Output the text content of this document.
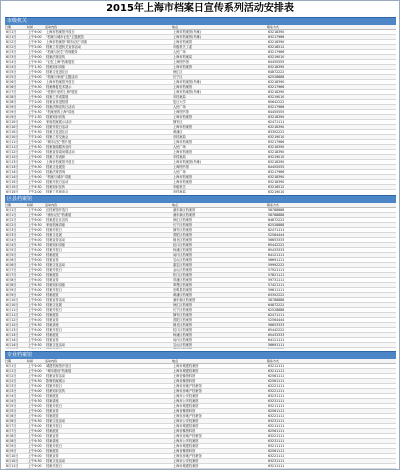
2015年上海市档案日宣传系列活动安排表
市级机关
日期	时间	活动内容	地点	联系方式
6月1日	上午9:00	上海市档案馆开放日	上海市档案馆(外滩)	63218390
6月1日	上午9:00	"档案与城市记忆"主题展览	上海市档案馆(外滩)	63217966
6月2日	上午9:30	上海市档案馆"城市记忆"讲座	上海市档案馆	63218390
6月2日	下午2:00	档案工作进机关宣传活动	市级机关工委	63218512
6月3日	上午9:00	"档案与民生"咨询服务	人民广场	63217966
6月3日	上午9:00	档案法规宣传	上海市档案局	63219010
6月4日	上午9:30	"记忆上海"档案展览	上海图书馆	64455555
6月4日	下午1:30	档案知识讲座	上海市档案馆	63218390
6月5日	上午9:00	档案文化进社区	徐汇区	64872222
6月5日	上午9:00	"档案与家庭"主题活动	长宁区	62528888
6月6日	上午9:00	上海市档案馆开放日	上海市档案馆(外滩)	63218390
6月6日	上午9:30	档案修复技术展示	上海市档案馆	63217966
6月7日	上午9:00	"老照片里的上海"展览	上海市档案馆(外滩)	63218390
6月8日	上午9:00	档案工作成果展	市档案局	63219010
6月8日	下午2:00	档案宣传进校园	复旦大学	65642222
6月9日	上午9:00	档案法制宣传日活动	人民广场	63217966
6月9日	上午9:30	"档案里的上海"讲座	上海图书馆	64455555
6月9日	下午1:30	档案知识竞赛	上海市档案馆	63218390
6月10日	上午9:00	家庭档案展示活动	静安区	62471111
6月10日	上午9:00	档案开放日活动	上海市档案馆	63218390
6月10日	上午9:30	档案文化进社区	黄浦区	63302222
6月10日	下午2:00	档案工作交流会	市档案局	63219010
6月11日	上午9:00	"城市记忆"图片展	上海市档案馆	63217966
6月11日	上午9:30	档案查阅服务宣传	人民广场	63218390
6月12日	上午9:00	档案宣传周闭幕活动	上海市档案馆	63218390
6月12日	上午9:00	档案工作表彰	市档案局	63219010
6月13日	上午9:00	上海市档案馆开放日	上海市档案馆(外滩)	63218390
6月13日	上午9:30	档案文化展览	上海图书馆	64455555
6月14日	上午9:00	档案法规咨询	人民广场	63217966
6月14日	上午9:00	"档案与城市"讲座	上海市档案馆	63218390
6月15日	上午9:00	档案开放日活动	上海市档案馆	63218390
6月15日	上午9:30	档案知识宣传	市级机关	63218512
6月15日	下午2:00	档案工作座谈会	市档案局	63219010

区县档案馆
日期	时间	活动内容	地点	联系方式
6月1日	上午9:00	区档案馆开放日	浦东新区档案馆	58788888
6月1日	上午9:00	"浦东记忆"档案展	浦东新区档案馆	58788888
6月2日	上午9:00	档案进社区宣传	徐汇区档案馆	64872222
6月2日	上午9:30	家庭档案讲座	长宁区档案馆	62528888
6月3日	上午9:00	档案开放日	静安区档案馆	62471111
6月3日	上午9:00	档案文化展	普陀区档案馆	52564444
6月4日	上午9:00	档案宣传活动	闸北区档案馆	56653333
6月4日	上午9:30	档案知识讲座	虹口区档案馆	65442222
6月5日	上午9:00	档案开放日	杨浦区档案馆	65433333
6月5日	上午9:00	档案展览	闵行区档案馆	64121111
6月6日	上午9:00	档案宣传	宝山区档案馆	56691111
6月6日	上午9:30	档案文化活动	嘉定区档案馆	59992222
6月7日	上午9:00	档案开放日	金山区档案馆	57921111
6月7日	上午9:00	档案展览	松江区档案馆	57821111
6月8日	上午9:00	档案宣传	青浦区档案馆	59731111
6月8日	上午9:30	档案知识讲座	奉贤区档案馆	57421111
6月9日	上午9:00	档案开放日	崇明县档案馆	59611111
6月9日	上午9:00	档案展览	黄浦区档案馆	63302222
6月10日	上午9:00	档案宣传活动	浦东新区档案馆	58788888
6月10日	上午9:30	档案文化展	徐汇区档案馆	64872222
6月11日	上午9:00	档案开放日	长宁区档案馆	62528888
6月11日	上午9:00	档案展览	静安区档案馆	62471111
6月12日	上午9:00	档案宣传	普陀区档案馆	52564444
6月12日	上午9:30	档案讲座	闸北区档案馆	56653333
6月13日	上午9:00	档案开放日	虹口区档案馆	65442222
6月13日	上午9:00	档案展览	杨浦区档案馆	65433333
6月14日	上午9:00	档案宣传	闵行区档案馆	64121111
6月14日	上午9:30	档案文化活动	宝山区档案馆	56691111

专业档案馆
日期	时间	活动内容	地点	联系方式
6月1日	上午9:00	城建档案馆开放日	上海市城建档案馆	63211111
6月1日	上午9:00	"城市建设"档案展	上海市城建档案馆	63211111
6月2日	上午9:00	档案宣传活动	上海音像资料馆	62561111
6月2日	上午9:30	影像档案展示	上海音像资料馆	62561111
6月3日	上午9:00	档案开放日	上海市房地产档案馆	63221111
6月3日	上午9:00	档案知识宣传	上海市房地产档案馆	63221111
6月4日	上午9:00	档案展览	上海市公安档案馆	63231111
6月4日	上午9:30	档案讲座	上海市公安档案馆	63231111
6月5日	上午9:00	档案开放日	上海市城建档案馆	63211111
6月5日	上午9:00	档案宣传	上海音像资料馆	62561111
6月6日	上午9:00	档案展览	上海市房地产档案馆	63221111
6月6日	上午9:30	档案文化活动	上海市公安档案馆	63231111
6月7日	上午9:00	档案开放日	上海市城建档案馆	63211111
6月7日	上午9:00	档案展览	上海音像资料馆	62561111
6月8日	上午9:00	档案宣传	上海市房地产档案馆	63221111
6月8日	上午9:30	档案讲座	上海市公安档案馆	63231111
6月9日	上午9:00	档案开放日	上海市城建档案馆	63211111
6月9日	上午9:00	档案展览	上海音像资料馆	62561111
6月10日	上午9:00	档案宣传	上海市房地产档案馆	63221111
6月10日	上午9:30	档案文化活动	上海市公安档案馆	63231111
6月11日	上午9:00	档案开放日	上海市城建档案馆	63211111
